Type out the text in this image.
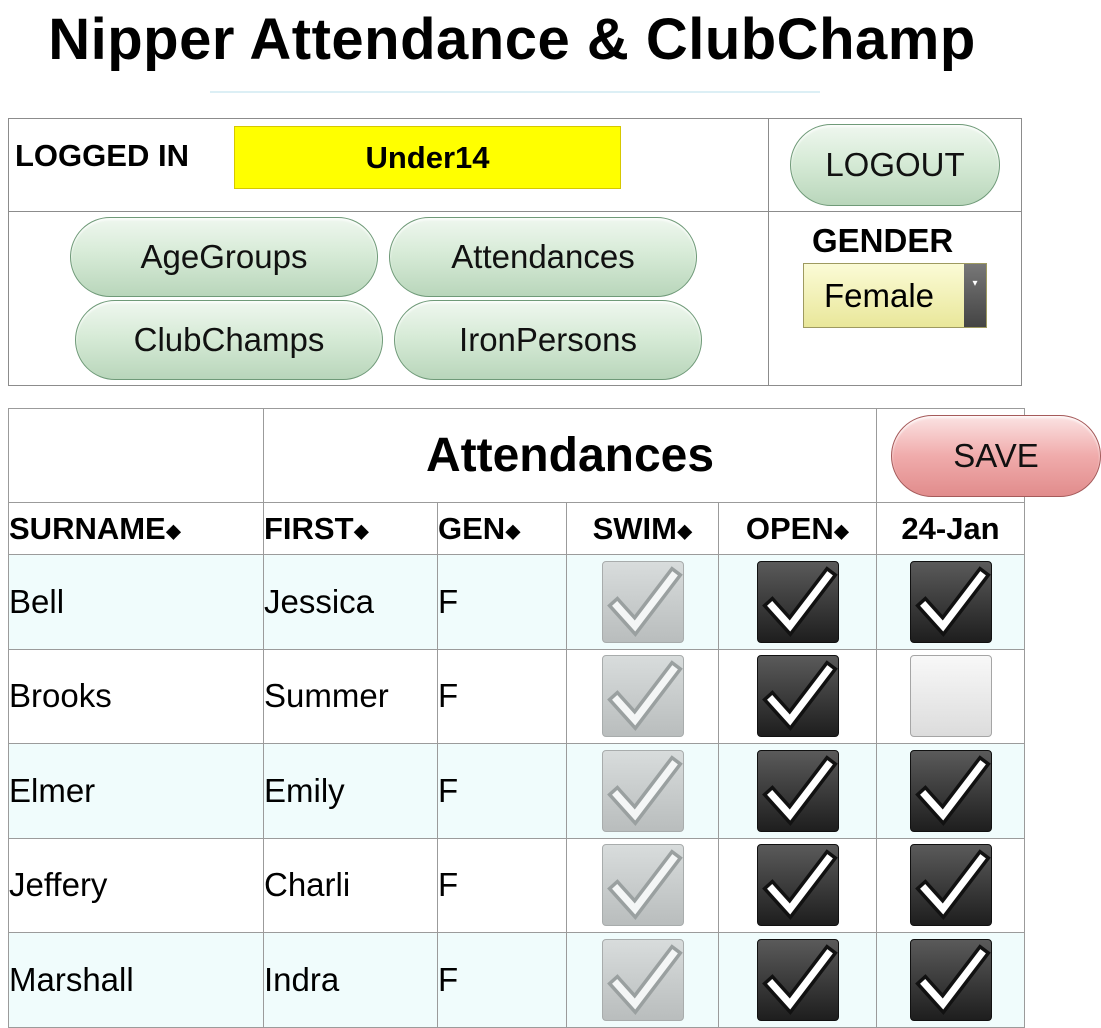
Nipper Attendance & ClubChamp
LOGGED IN	Under14	LOGOUT
AgeGroups	Attendances
ClubChamps	IronPersons
GENDER
Female	▾
	Attendances				SAVE

SURNAME◆	FIRST◆	GEN◆	SWIM◆	OPEN◆	24-Jan
Bell	Jessica	F	

Brooks	Summer	F	

Elmer	Emily	F	

Jeffery	Charli	F	

Marshall	Indra	F	
